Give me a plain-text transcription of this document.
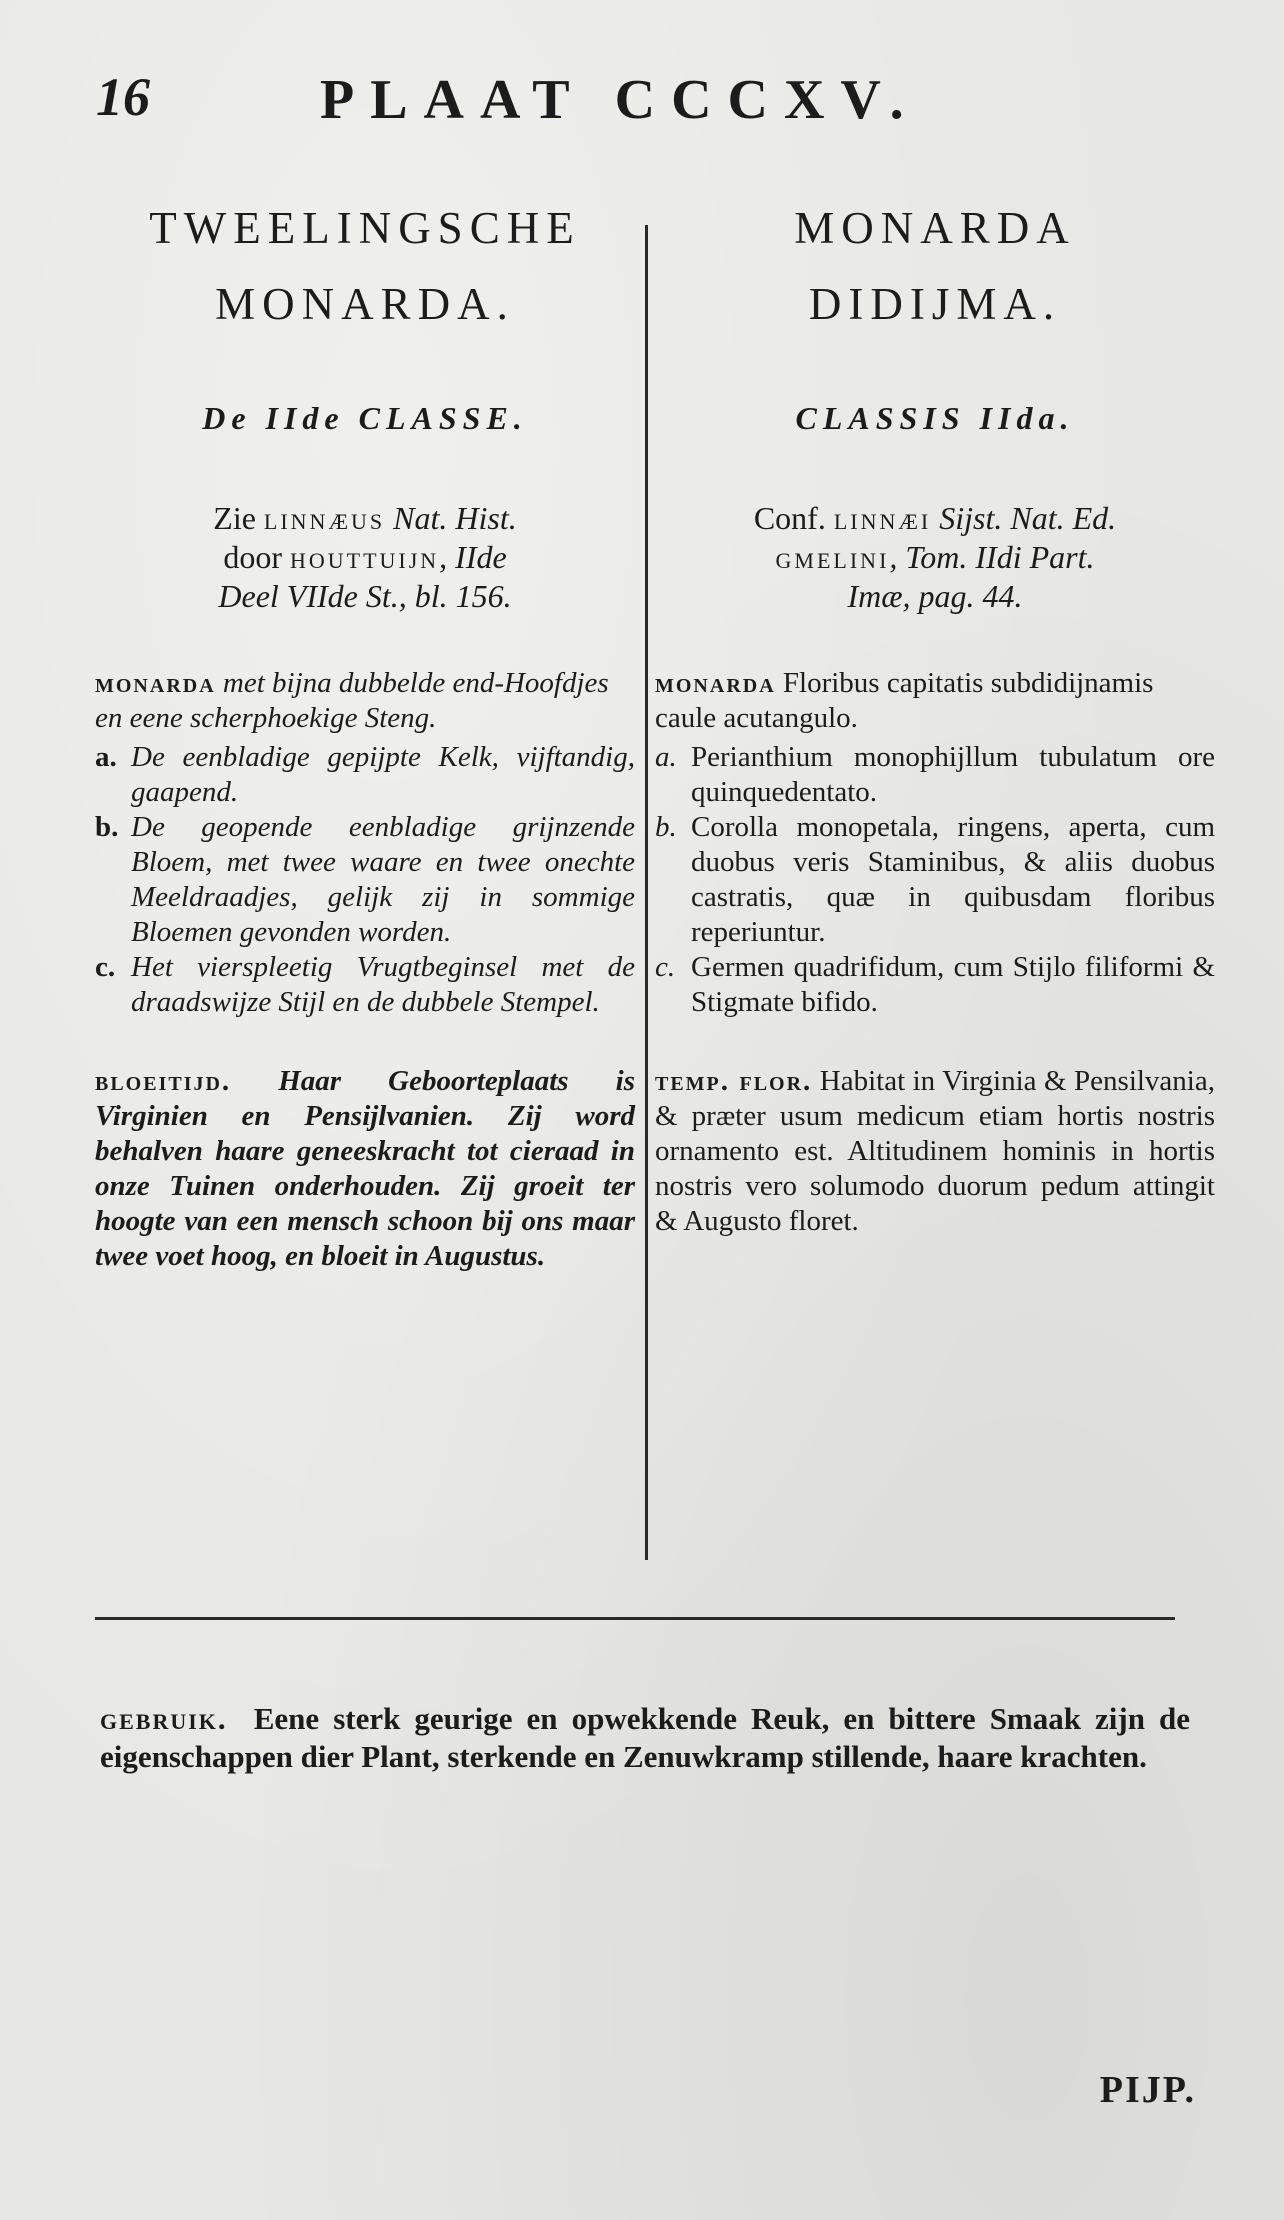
16	PLAAT CCCXV.
TWEELINGSCHE
MONARDA.
De IIde CLASSE.
Zie linnæus Nat. Hist.
door houttuijn, IIde
Deel VIIde St., bl. 156.

monarda met bijna dubbelde end-Hoofdjes en eene scherphoekige Steng.

a. De eenbladige gepijpte Kelk, vijftandig, gaapend.
b. De geopende eenbladige grijnzende Bloem, met twee waare en twee onechte Meeldraadjes, gelijk zij in sommige Bloemen gevonden worden.
c. Het vierspleetig Vrugtbeginsel met de draadswijze Stijl en de dubbele Stempel.
bloeitijd. Haar Geboorteplaats is Virginien en Pensijlvanien. Zij word behalven haare geneeskracht tot cieraad in onze Tuinen onderhouden. Zij groeit ter hoogte van een mensch schoon bij ons maar twee voet hoog, en bloeit in Augustus.
MONARDA
DIDIJMA.
CLASSIS IIda.
Conf. linnæi Sijst. Nat. Ed.
gmelini, Tom. IIdi Part.
Imæ, pag. 44.

monarda Floribus capitatis subdidijnamis caule acutangulo.

a. Perianthium monophijllum tubulatum ore quinquedentato.
b. Corolla monopetala, ringens, aperta, cum duobus veris Staminibus, & aliis duobus castratis, quæ in quibusdam floribus reperiuntur.
c. Germen quadrifidum, cum Stijlo filiformi & Stigmate bifido.
temp. flor. Habitat in Virginia & Pensilvania, & præter usum medicum etiam hortis nostris ornamento est. Altitudinem hominis in hortis nostris vero solumodo duorum pedum attingit & Augusto floret.
gebruik. Eene sterk geurige en opwekkende Reuk, en bittere Smaak zijn de eigenschappen dier Plant, sterkende en Zenuwkramp stillende, haare krachten.
PIJP.
